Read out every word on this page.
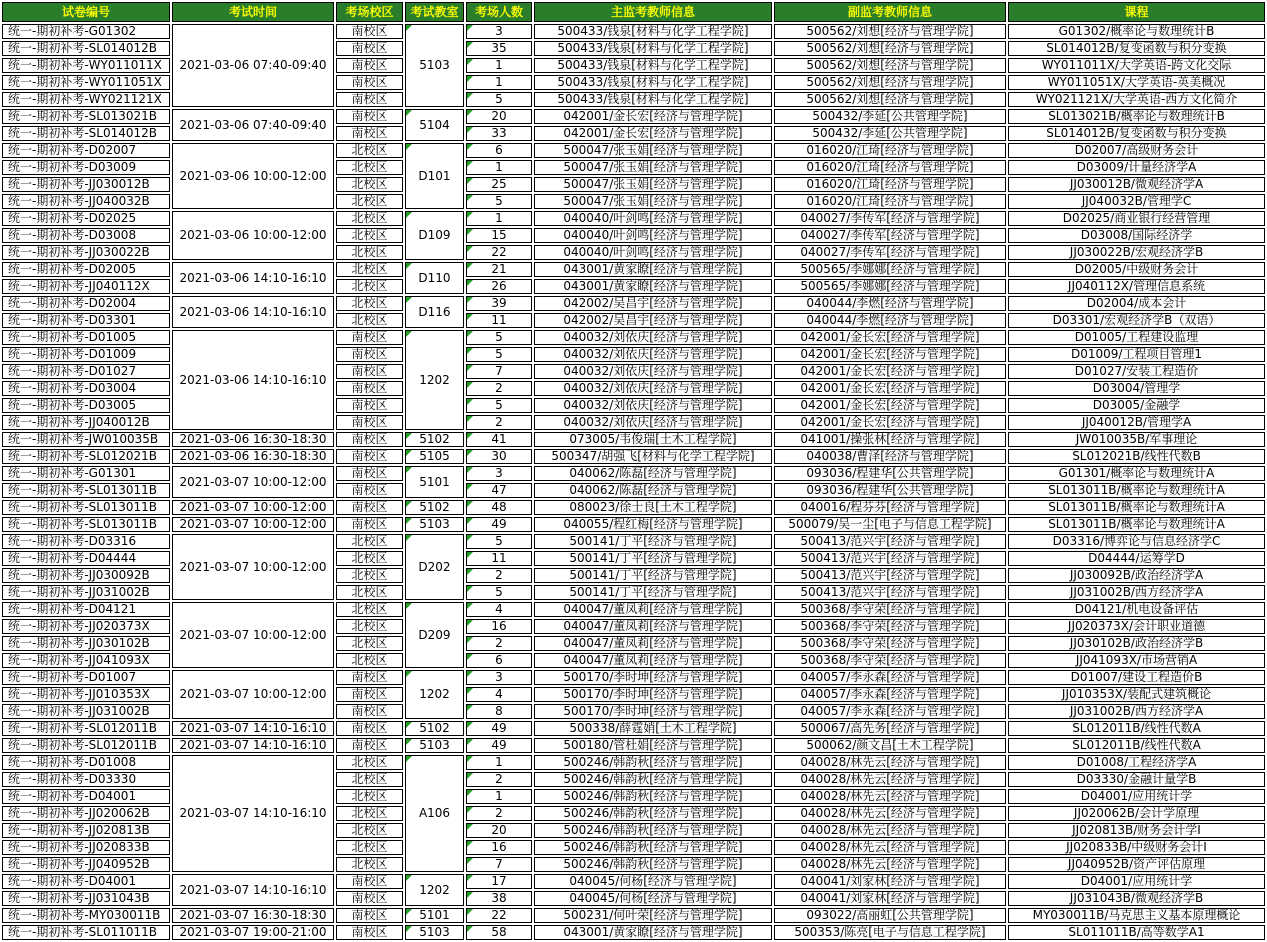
试卷编号	考试时间	考场校区	考试教室	考场人数	主监考教师信息	副监考教师信息	课程
统一-期初补考-G01302	2021-03-06 07:40-09:40	南校区	5103	3	500433/钱泉[材料与化学工程学院]	500562/刘想[经济与管理学院]	G01302/概率论与数理统计B
统一-期初补考-SL014012B		南校区		35	500433/钱泉[材料与化学工程学院]	500562/刘想[经济与管理学院]	SL014012B/复变函数与积分变换
统一-期初补考-WY011011X		南校区		1	500433/钱泉[材料与化学工程学院]	500562/刘想[经济与管理学院]	WY011011X/大学英语-跨文化交际
统一-期初补考-WY011051X		南校区		1	500433/钱泉[材料与化学工程学院]	500562/刘想[经济与管理学院]	WY011051X/大学英语-英美概况
统一-期初补考-WY021121X		南校区		5	500433/钱泉[材料与化学工程学院]	500562/刘想[经济与管理学院]	WY021121X/大学英语-西方文化简介
统一-期初补考-SL013021B	2021-03-06 07:40-09:40	南校区	5104	20	042001/金长宏[经济与管理学院]	500432/李延[公共管理学院]	SL013021B/概率论与数理统计B
统一-期初补考-SL014012B		南校区		33	042001/金长宏[经济与管理学院]	500432/李延[公共管理学院]	SL014012B/复变函数与积分变换
统一-期初补考-D02007	2021-03-06 10:00-12:00	北校区	D101	6	500047/张玉娟[经济与管理学院]	016020/江琦[经济与管理学院]	D02007/高级财务会计
统一-期初补考-D03009		北校区		1	500047/张玉娟[经济与管理学院]	016020/江琦[经济与管理学院]	D03009/计量经济学A
统一-期初补考-JJ030012B		北校区		25	500047/张玉娟[经济与管理学院]	016020/江琦[经济与管理学院]	JJ030012B/微观经济学A
统一-期初补考-JJ040032B		北校区		5	500047/张玉娟[经济与管理学院]	016020/江琦[经济与管理学院]	JJ040032B/管理学C
统一-期初补考-D02025	2021-03-06 10:00-12:00	北校区	D109	1	040040/叶剑鸣[经济与管理学院]	040027/李传军[经济与管理学院]	D02025/商业银行经营管理
统一-期初补考-D03008		北校区		15	040040/叶剑鸣[经济与管理学院]	040027/李传军[经济与管理学院]	D03008/国际经济学
统一-期初补考-JJ030022B		北校区		22	040040/叶剑鸣[经济与管理学院]	040027/李传军[经济与管理学院]	JJ030022B/宏观经济学B
统一-期初补考-D02005	2021-03-06 14:10-16:10	北校区	D110	21	043001/黄家瞭[经济与管理学院]	500565/李娜娜[经济与管理学院]	D02005/中级财务会计
统一-期初补考-JJ040112X		北校区		26	043001/黄家瞭[经济与管理学院]	500565/李娜娜[经济与管理学院]	JJ040112X/管理信息系统
统一-期初补考-D02004	2021-03-06 14:10-16:10	北校区	D116	39	042002/吴昌宇[经济与管理学院]	040044/李燃[经济与管理学院]	D02004/成本会计
统一-期初补考-D03301		北校区		11	042002/吴昌宇[经济与管理学院]	040044/李燃[经济与管理学院]	D03301/宏观经济学B（双语）
统一-期初补考-D01005	2021-03-06 14:10-16:10	南校区	1202	5	040032/刘依庆[经济与管理学院]	042001/金长宏[经济与管理学院]	D01005/工程建设监理
统一-期初补考-D01009		南校区		5	040032/刘依庆[经济与管理学院]	042001/金长宏[经济与管理学院]	D01009/工程项目管理1
统一-期初补考-D01027		南校区		7	040032/刘依庆[经济与管理学院]	042001/金长宏[经济与管理学院]	D01027/安装工程造价
统一-期初补考-D03004		南校区		2	040032/刘依庆[经济与管理学院]	042001/金长宏[经济与管理学院]	D03004/管理学
统一-期初补考-D03005		南校区		5	040032/刘依庆[经济与管理学院]	042001/金长宏[经济与管理学院]	D03005/金融学
统一-期初补考-JJ040012B		南校区		2	040032/刘依庆[经济与管理学院]	042001/金长宏[经济与管理学院]	JJ040012B/管理学A
统一-期初补考-JW010035B	2021-03-06 16:30-18:30	南校区	5102	41	073005/韦俊瑞[土木工程学院]	041001/操张林[经济与管理学院]	JW010035B/军事理论
统一-期初补考-SL012021B	2021-03-06 16:30-18:30	南校区	5105	30	500347/胡强飞[材料与化学工程学院]	040038/曹泽[经济与管理学院]	SL012021B/线性代数B
统一-期初补考-G01301	2021-03-07 10:00-12:00	南校区	5101	3	040062/陈磊[经济与管理学院]	093036/程建华[公共管理学院]	G01301/概率论与数理统计A
统一-期初补考-SL013011B		南校区		47	040062/陈磊[经济与管理学院]	093036/程建华[公共管理学院]	SL013011B/概率论与数理统计A
统一-期初补考-SL013011B	2021-03-07 10:00-12:00	南校区	5102	48	080023/徐士良[土木工程学院]	040016/程芬芬[经济与管理学院]	SL013011B/概率论与数理统计A
统一-期初补考-SL013011B	2021-03-07 10:00-12:00	南校区	5103	49	040055/程红梅[经济与管理学院]	500079/吴一尘[电子与信息工程学院]	SL013011B/概率论与数理统计A
统一-期初补考-D03316	2021-03-07 10:00-12:00	北校区	D202	5	500141/丁平[经济与管理学院]	500413/范兴宇[经济与管理学院]	D03316/博弈论与信息经济学C
统一-期初补考-D04444		北校区		11	500141/丁平[经济与管理学院]	500413/范兴宇[经济与管理学院]	D04444/运筹学D
统一-期初补考-JJ030092B		北校区		2	500141/丁平[经济与管理学院]	500413/范兴宇[经济与管理学院]	JJ030092B/政治经济学A
统一-期初补考-JJ031002B		北校区		5	500141/丁平[经济与管理学院]	500413/范兴宇[经济与管理学院]	JJ031002B/西方经济学A
统一-期初补考-D04121	2021-03-07 10:00-12:00	北校区	D209	4	040047/董凤莉[经济与管理学院]	500368/李守荣[经济与管理学院]	D04121/机电设备评估
统一-期初补考-JJ020373X		北校区		16	040047/董凤莉[经济与管理学院]	500368/李守荣[经济与管理学院]	JJ020373X/会计职业道德
统一-期初补考-JJ030102B		北校区		2	040047/董凤莉[经济与管理学院]	500368/李守荣[经济与管理学院]	JJ030102B/政治经济学B
统一-期初补考-JJ041093X		北校区		6	040047/董凤莉[经济与管理学院]	500368/李守荣[经济与管理学院]	JJ041093X/市场营销A
统一-期初补考-D01007	2021-03-07 10:00-12:00	南校区	1202	3	500170/李时坤[经济与管理学院]	040057/李永森[经济与管理学院]	D01007/建设工程造价B
统一-期初补考-JJ010353X		南校区		4	500170/李时坤[经济与管理学院]	040057/李永森[经济与管理学院]	JJ010353X/装配式建筑概论
统一-期初补考-JJ031002B		南校区		8	500170/李时坤[经济与管理学院]	040057/李永森[经济与管理学院]	JJ031002B/西方经济学A
统一-期初补考-SL012011B	2021-03-07 14:10-16:10	南校区	5102	49	500338/薛霆娋[土木工程学院]	500067/高先务[经济与管理学院]	SL012011B/线性代数A
统一-期初补考-SL012011B	2021-03-07 14:10-16:10	南校区	5103	49	500180/管杜娟[经济与管理学院]	500062/颜文昌[土木工程学院]	SL012011B/线性代数A
统一-期初补考-D01008	2021-03-07 14:10-16:10	北校区	A106	1	500246/韩韵秋[经济与管理学院]	040028/林先云[经济与管理学院]	D01008/工程经济学A
统一-期初补考-D03330		北校区		2	500246/韩韵秋[经济与管理学院]	040028/林先云[经济与管理学院]	D03330/金融计量学B
统一-期初补考-D04001		北校区		1	500246/韩韵秋[经济与管理学院]	040028/林先云[经济与管理学院]	D04001/应用统计学
统一-期初补考-JJ020062B		北校区		2	500246/韩韵秋[经济与管理学院]	040028/林先云[经济与管理学院]	JJ020062B/会计学原理
统一-期初补考-JJ020813B		北校区		20	500246/韩韵秋[经济与管理学院]	040028/林先云[经济与管理学院]	JJ020813B/财务会计学Ⅰ
统一-期初补考-JJ020833B		北校区		16	500246/韩韵秋[经济与管理学院]	040028/林先云[经济与管理学院]	JJ020833B/中级财务会计Ⅰ
统一-期初补考-JJ040952B		北校区		7	500246/韩韵秋[经济与管理学院]	040028/林先云[经济与管理学院]	JJ040952B/资产评估原理
统一-期初补考-D04001	2021-03-07 14:10-16:10	南校区	1202	17	040045/何杨[经济与管理学院]	040041/刘家林[经济与管理学院]	D04001/应用统计学
统一-期初补考-JJ031043B		南校区		38	040045/何杨[经济与管理学院]	040041/刘家林[经济与管理学院]	JJ031043B/微观经济学B
统一-期初补考-MY030011B	2021-03-07 16:30-18:30	南校区	5101	22	500231/何叶荣[经济与管理学院]	093022/高丽虹[公共管理学院]	MY030011B/马克思主义基本原理概论
统一-期初补考-SL011011B	2021-03-07 19:00-21:00	南校区	5103	58	043001/黄家瞭[经济与管理学院]	500353/陈亮[电子与信息工程学院]	SL011011B/高等数学A1
